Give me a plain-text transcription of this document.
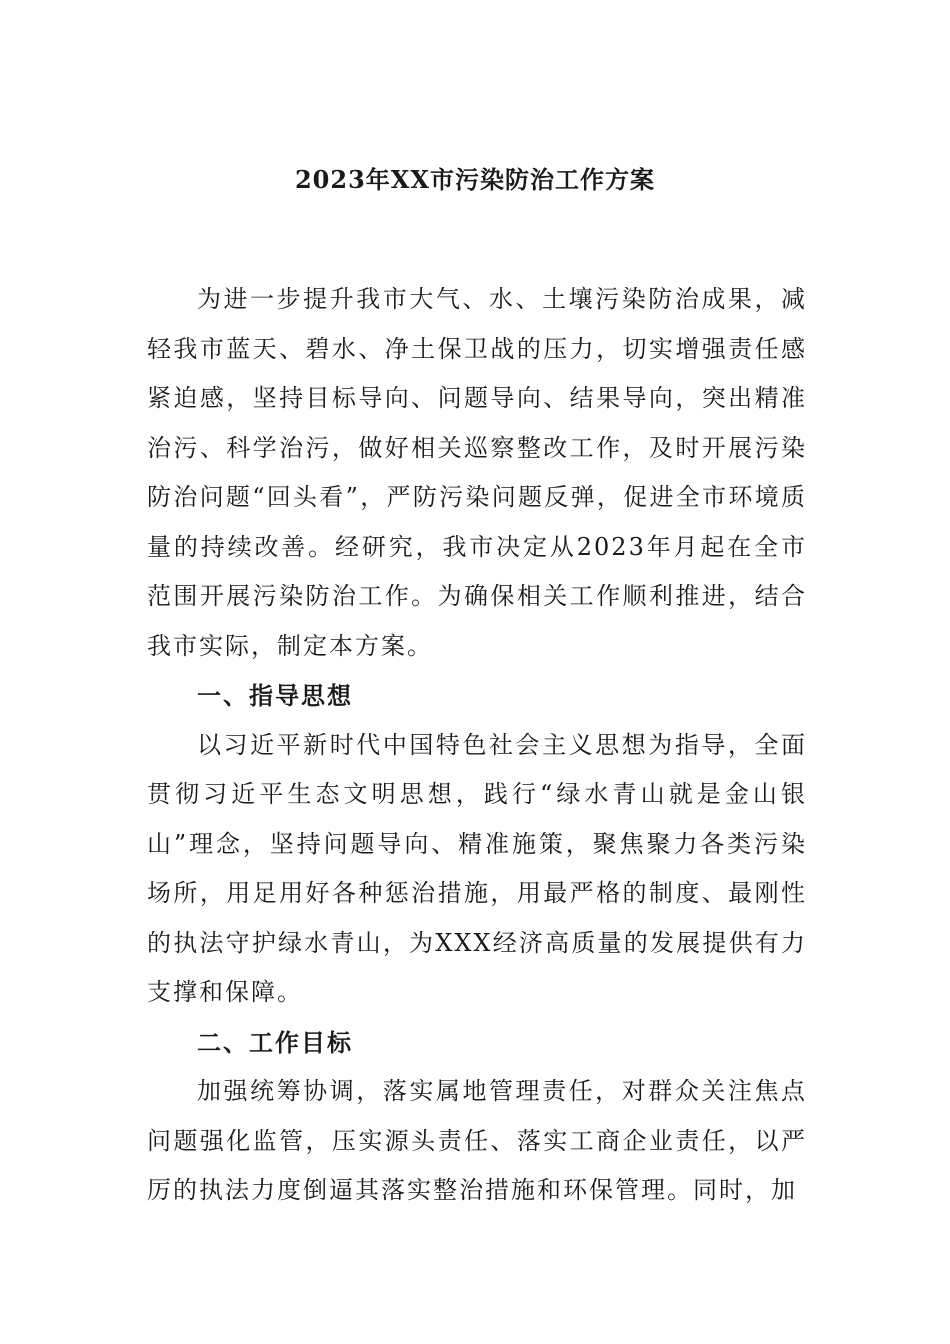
2023年XX市污染防治工作方案

为进一步提升我市大气、水、土壤污染防治成果，减轻我市蓝天、碧水、净土保卫战的压力，切实增强责任感紧迫感，坚持目标导向、问题导向、结果导向，突出精准治污、科学治污，做好相关巡察整改工作，及时开展污染防治问题“回头看”，严防污染问题反弹，促进全市环境质量的持续改善。经研究，我市决定从2023年月起在全市范围开展污染防治工作。为确保相关工作顺利推进，结合我市实际，制定本方案。

一、指导思想

以习近平新时代中国特色社会主义思想为指导，全面贯彻习近平生态文明思想，践行“绿水青山就是金山银山”理念，坚持问题导向、精准施策，聚焦聚力各类污染场所，用足用好各种惩治措施，用最严格的制度、最刚性的执法守护绿水青山，为XXX经济高质量的发展提供有力支撑和保障。

二、工作目标

加强统筹协调，落实属地管理责任，对群众关注焦点问题强化监管，压实源头责任、落实工商企业责任，以严厉的执法力度倒逼其落实整治措施和环保管理。同时，加
